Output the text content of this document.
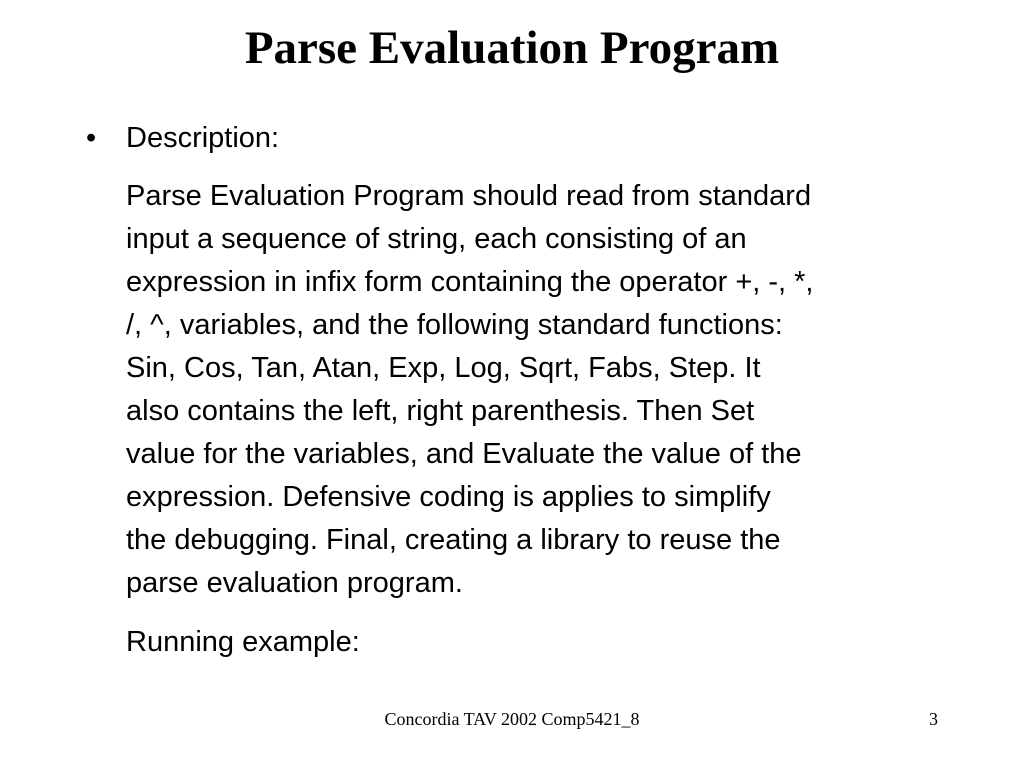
Parse Evaluation Program
• Description:
Parse Evaluation Program should read from standard
input a sequence of string, each consisting of an
expression in infix form containing the operator +, -, *,
/, ^, variables, and the following standard functions:
Sin, Cos, Tan, Atan, Exp, Log, Sqrt, Fabs, Step. It
also contains the left, right parenthesis. Then Set
value for the variables, and Evaluate the value of the
expression. Defensive coding is applies to simplify
the debugging. Final, creating a library to reuse the
parse evaluation program.
Running example:
Concordia TAV 2002 Comp5421_8	3
